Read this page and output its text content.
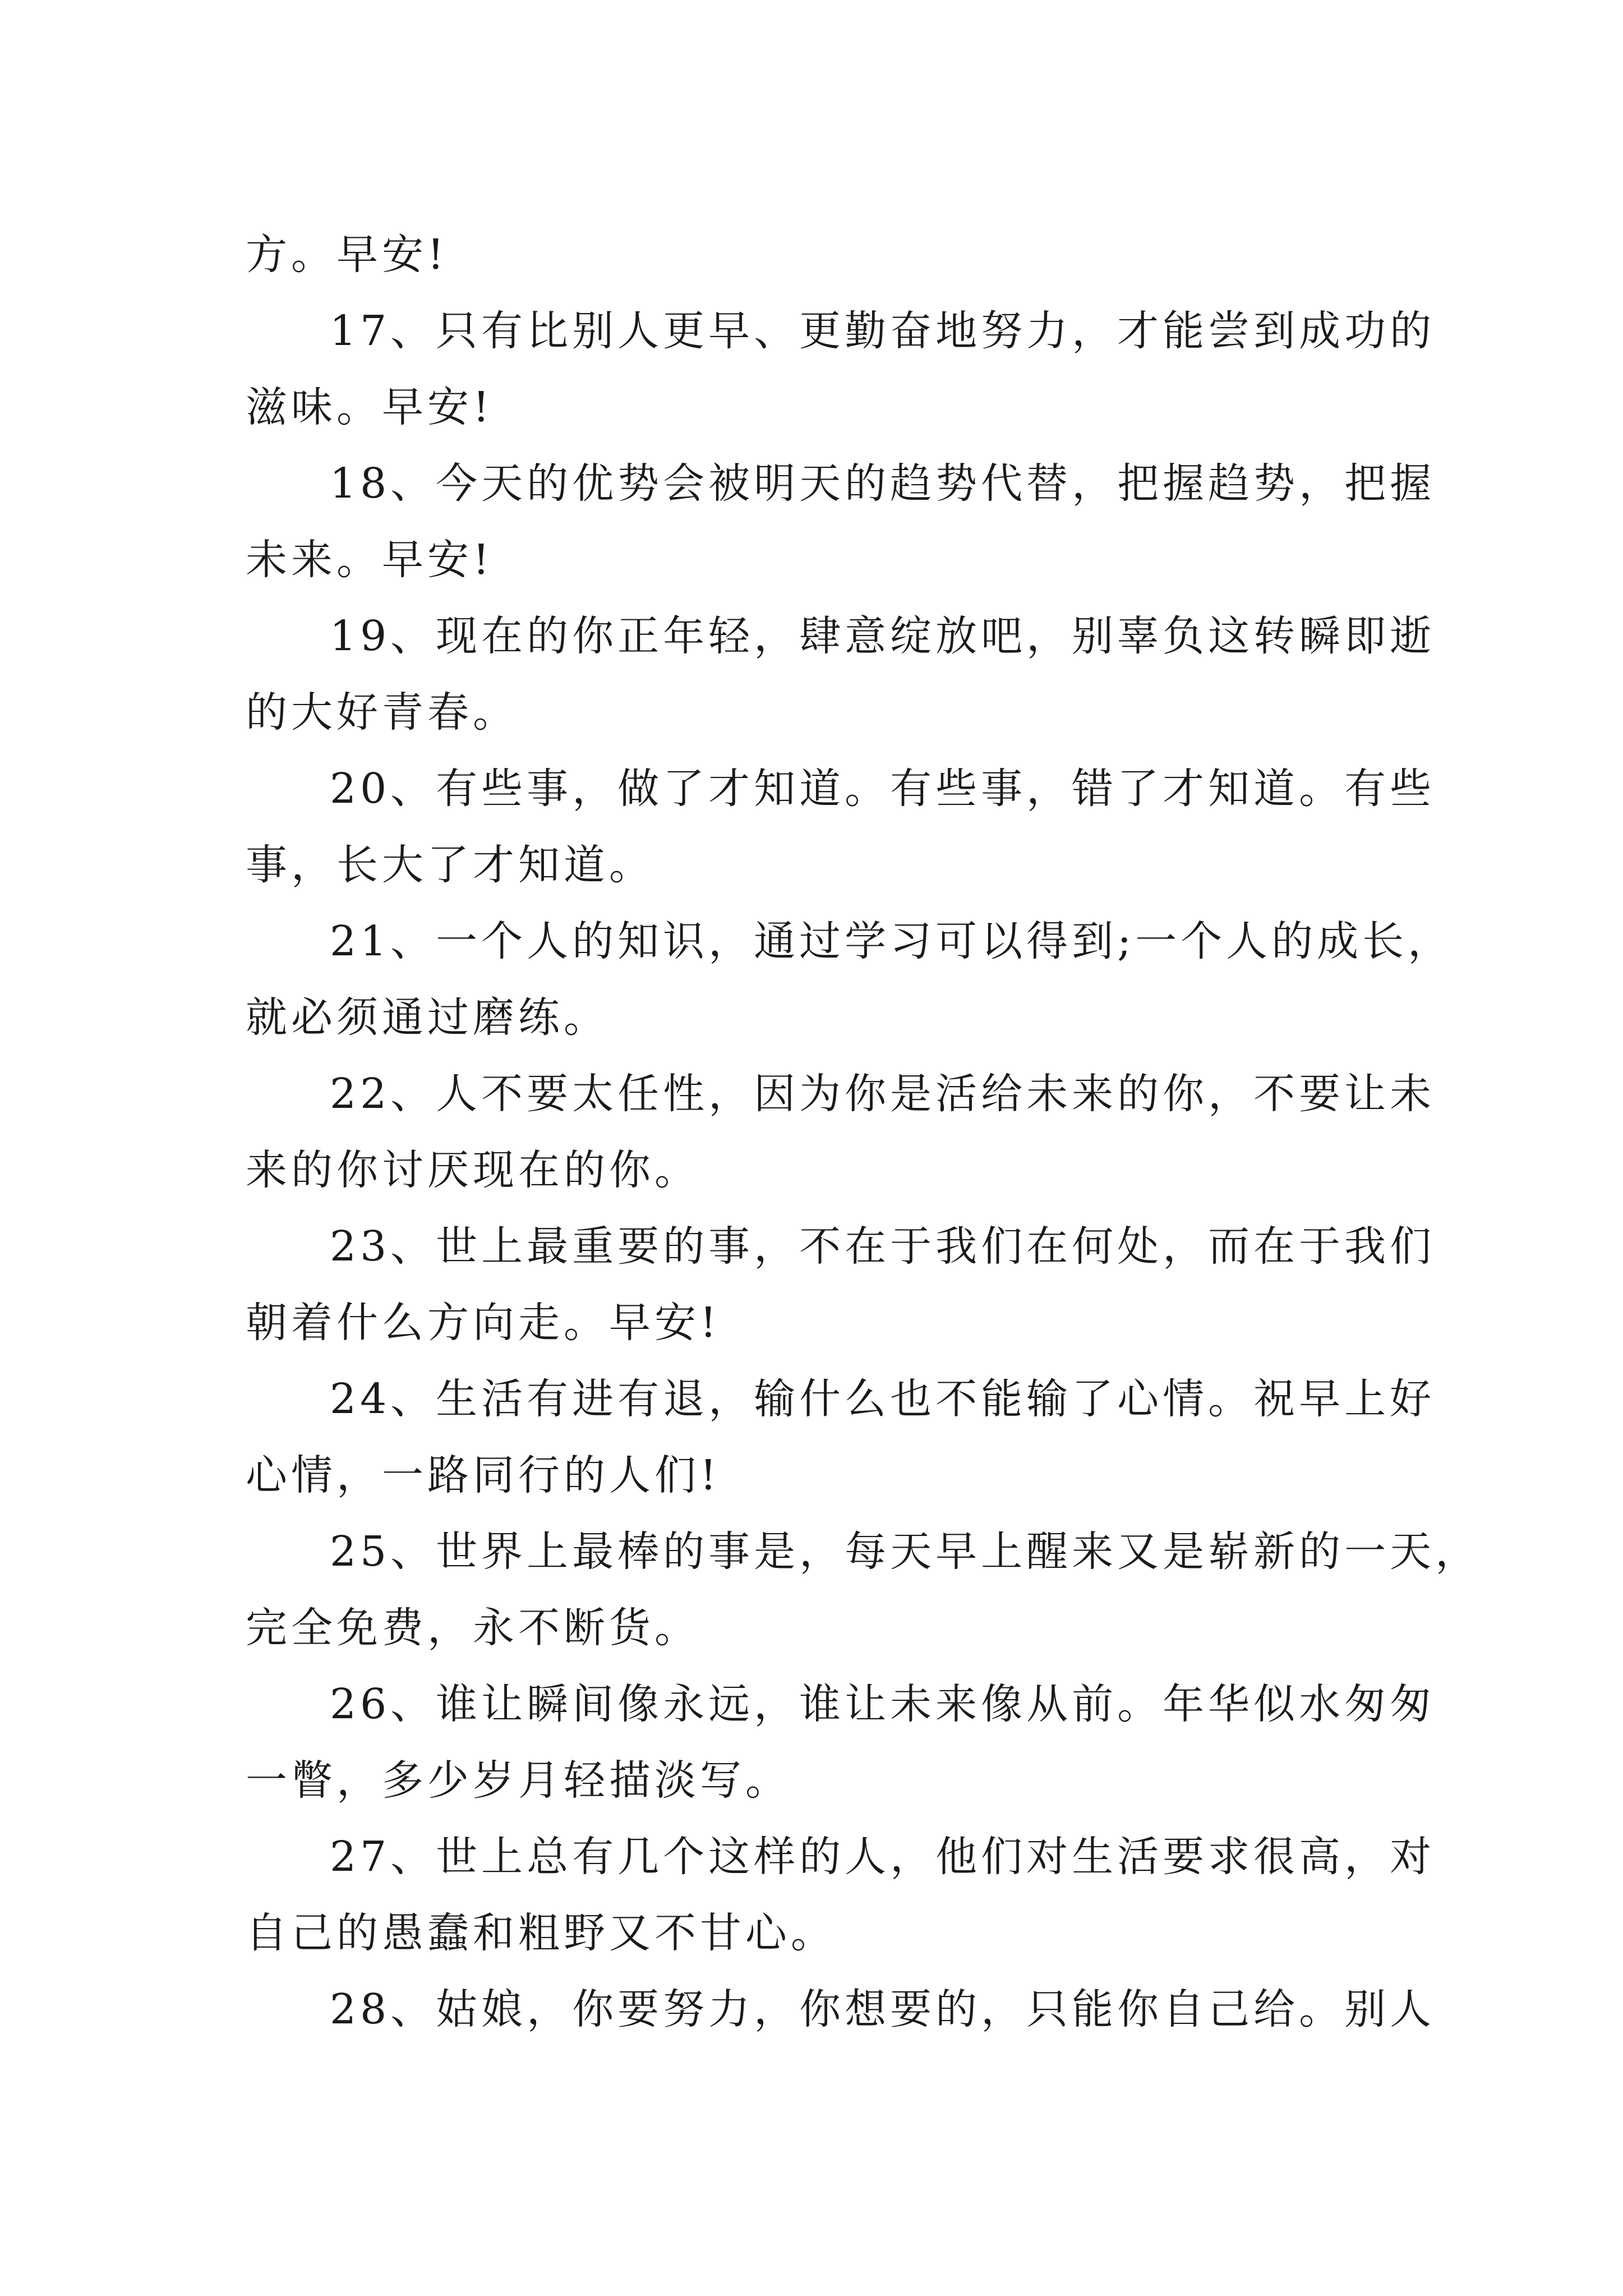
方。早安!
17、只有比别人更早、更勤奋地努力，才能尝到成功的
滋味。早安!
18、今天的优势会被明天的趋势代替，把握趋势，把握
未来。早安!
19、现在的你正年轻，肆意绽放吧，别辜负这转瞬即逝
的大好青春。
20、有些事，做了才知道。有些事，错了才知道。有些
事，长大了才知道。
21、一个人的知识，通过学习可以得到;一个人的成长，
就必须通过磨练。
22、人不要太任性，因为你是活给未来的你，不要让未
来的你讨厌现在的你。
23、世上最重要的事，不在于我们在何处，而在于我们
朝着什么方向走。早安!
24、生活有进有退，输什么也不能输了心情。祝早上好
心情，一路同行的人们!
25、世界上最棒的事是，每天早上醒来又是崭新的一天，
完全免费，永不断货。
26、谁让瞬间像永远，谁让未来像从前。年华似水匆匆
一瞥，多少岁月轻描淡写。
27、世上总有几个这样的人，他们对生活要求很高，对
自己的愚蠢和粗野又不甘心。
28、姑娘，你要努力，你想要的，只能你自己给。别人
